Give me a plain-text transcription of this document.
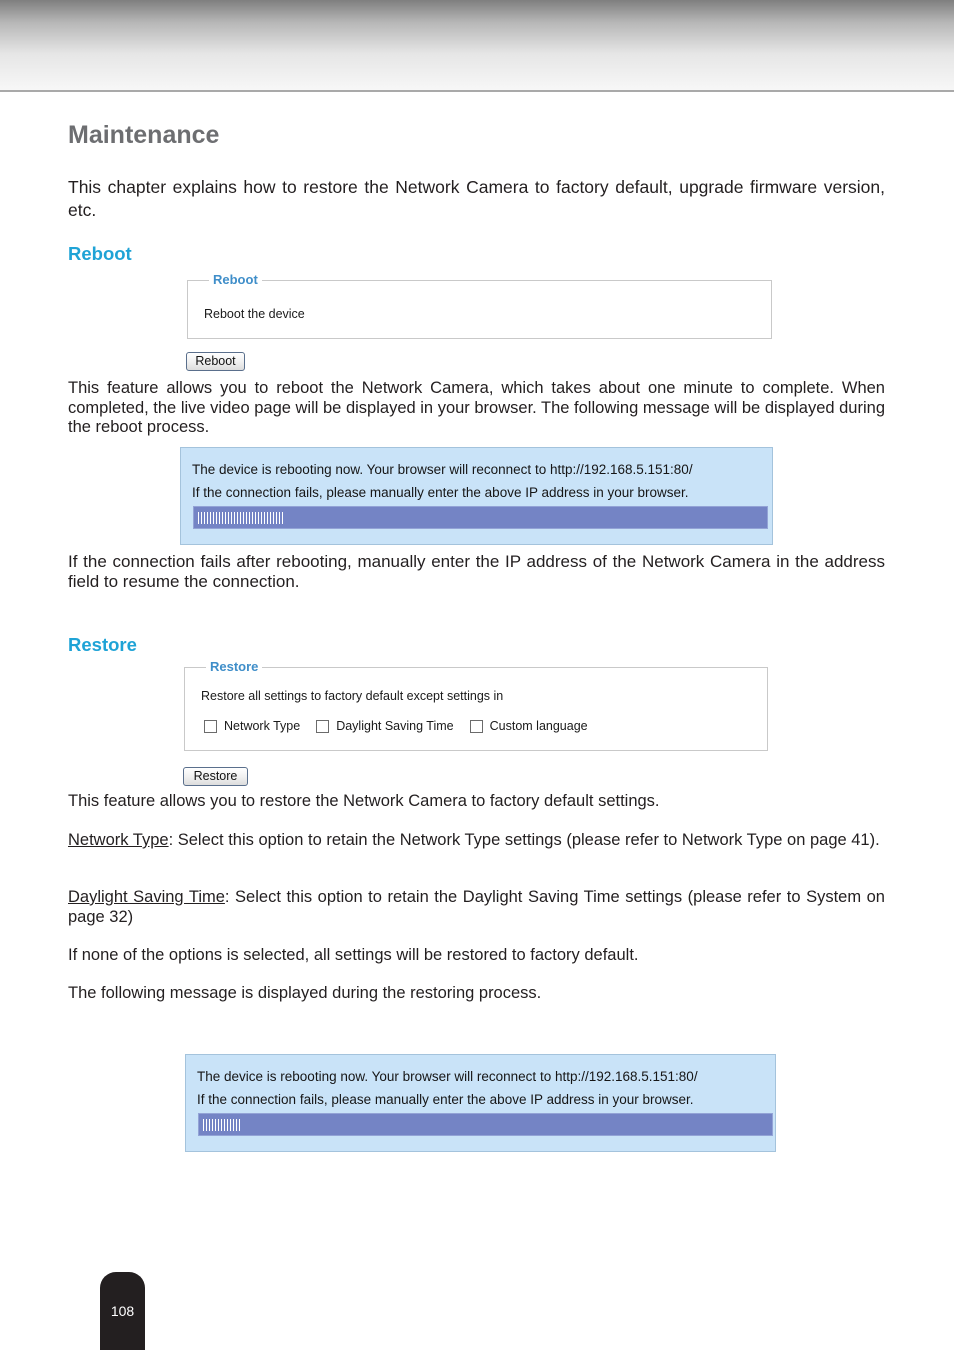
Maintenance

This chapter explains how to restore the Network Camera to factory default, upgrade firmware version, etc.

Reboot
Reboot
Reboot the device
Reboot

This feature allows you to reboot the Network Camera, which takes about one minute to complete. When completed, the live video page will be displayed in your browser. The following message will be displayed during the reboot process.

The device is rebooting now. Your browser will reconnect to http://192.168.5.151:80/
If the connection fails, please manually enter the above IP address in your browser.

If the connection fails after rebooting, manually enter the IP address of the Network Camera in the address field to resume the connection.

Restore
Restore
Restore all settings to factory default except settings in
Network Type	Daylight Saving Time	Custom language
Restore

This feature allows you to restore the Network Camera to factory default settings.

Network Type: Select this option to retain the Network Type settings (please refer to Network Type on page 41).

Daylight Saving Time: Select this option to retain the Daylight Saving Time settings (please refer to System on page 32)

If none of the options is selected, all settings will be restored to factory default.

The following message is displayed during the restoring process.

The device is rebooting now. Your browser will reconnect to http://192.168.5.151:80/
If the connection fails, please manually enter the above IP address in your browser.
108
